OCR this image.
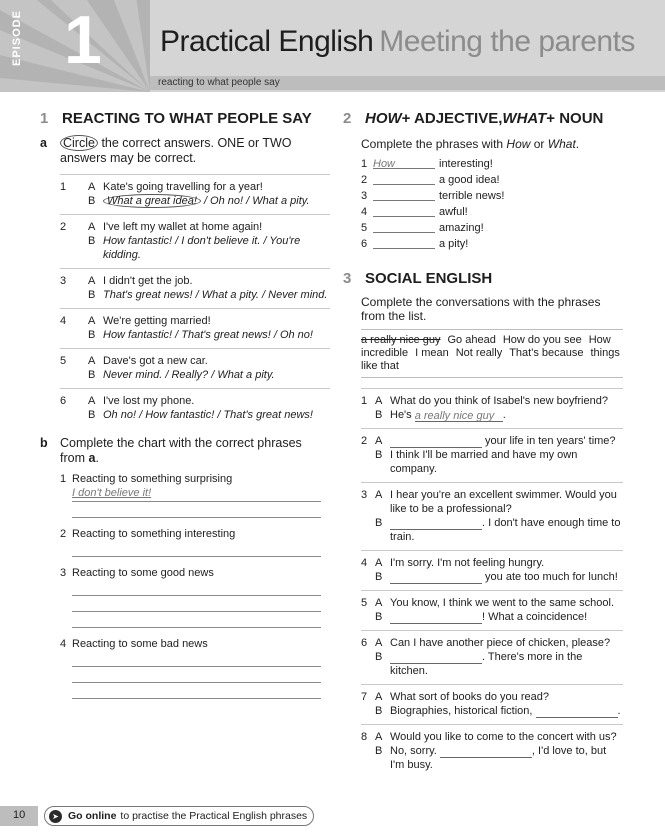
EPISODE 1 Practical English Meeting the parents
reacting to what people say
1 REACTING TO WHAT PEOPLE SAY
a	Circle the correct answers. ONE or TWO answers may be correct.
1	A Kate's going travelling for a year!
B	What a great idea! / Oh no! / What a pity.
2	A I've left my wallet at home again!
B How fantastic! / I don't believe it. / You're kidding.
3	A I didn't get the job.
B That's great news! / What a pity. / Never mind.
4	A We're getting married!
B How fantastic! / That's great news! / Oh no!
5	A Dave's got a new car.
B Never mind. / Really? / What a pity.
6	A I've lost my phone.
B Oh no! / How fantastic! / That's great news!
b Complete the chart with the correct phrases from a.
1 Reacting to something surprising
I don't believe it!
2 Reacting to something interesting
3 Reacting to some good news
4 Reacting to some bad news
2 HOW + ADJECTIVE, WHAT + NOUN
Complete the phrases with How or What.
1 How	interesting!
2	a good idea!
3	terrible news!
4	awful!
5	amazing!
6	a pity!
3 SOCIAL ENGLISH
Complete the conversations with the phrases from the list.
a really nice guy Go ahead How do you see How incredible I mean Not really That's because things like that
1 A What do you think of Isabel's new boyfriend?
B He's a really nice guy .
2 A	your life in ten years' time?
B I think I'll be married and have my own company.
3 A I hear you're an excellent swimmer. Would you like to be a professional?
B	. I don't have enough time to train.
4 A I'm sorry. I'm not feeling hungry.
B	you ate too much for lunch!
5 A You know, I think we went to the same school.
B	! What a coincidence!
6 A Can I have another piece of chicken, please?
B	. There's more in the kitchen.
7 A What sort of books do you read?
B Biographies, historical fiction,	.
8 A Would you like to come to the concert with us?
B No, sorry.	, I'd love to, but I'm busy.
10	➤ Go online to practise the Practical English phrases
